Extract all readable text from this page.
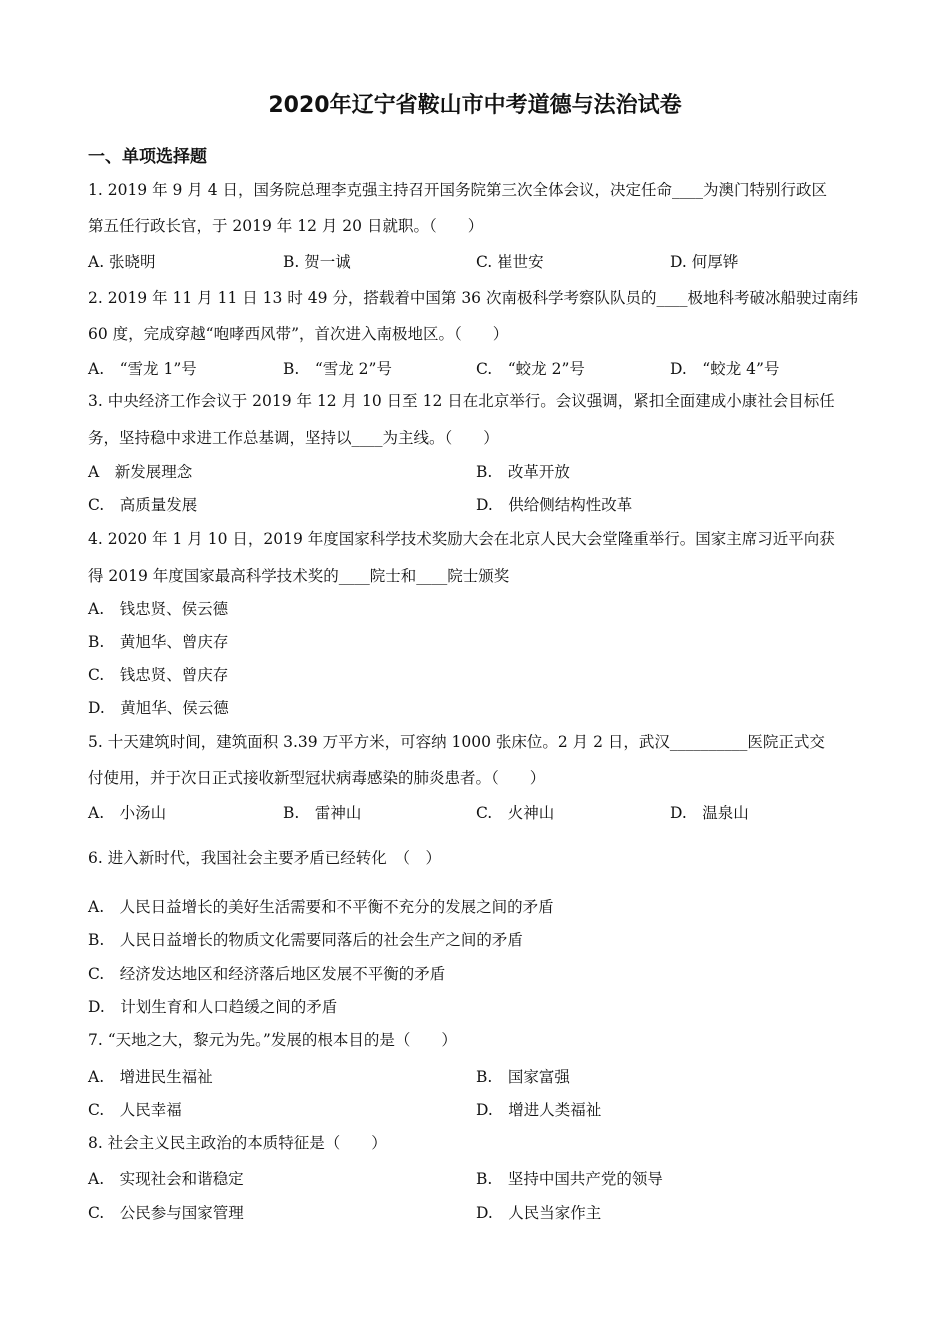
2020年辽宁省鞍山市中考道德与法治试卷
一、单项选择题
1. 2019 年 9 月 4 日，国务院总理李克强主持召开国务院第三次全体会议，决定任命____为澳门特别行政区
第五任行政长官，于 2019 年 12 月 20 日就职。（　　）
A. 张晓明	B. 贺一诚	C. 崔世安	D. 何厚铧
2. 2019 年 11 月 11 日 13 时 49 分，搭载着中国第 36 次南极科学考察队队员的____极地科考破冰船驶过南纬
60 度，完成穿越“咆哮西风带”，首次进入南极地区。（　　）
A.　“雪龙 1”号	B.　“雪龙 2”号	C.　“蛟龙 2”号	D.　“蛟龙 4”号
3. 中央经济工作会议于 2019 年 12 月 10 日至 12 日在北京举行。会议强调，紧扣全面建成小康社会目标任
务，坚持稳中求进工作总基调，坚持以____为主线。（　　）
A　新发展理念	B.　改革开放
C.　高质量发展	D.　供给侧结构性改革
4. 2020 年 1 月 10 日，2019 年度国家科学技术奖励大会在北京人民大会堂隆重举行。国家主席习近平向获
得 2019 年度国家最高科学技术奖的____院士和____院士颁奖
A.　钱忠贤、侯云德
B.　黄旭华、曾庆存
C.　钱忠贤、曾庆存
D.　黄旭华、侯云德
5. 十天建筑时间，建筑面积 3.39 万平方米，可容纳 1000 张床位。2 月 2 日，武汉__________医院正式交
付使用，并于次日正式接收新型冠状病毒感染的肺炎患者。（　　）
A.　小汤山	B.　雷神山	C.　火神山	D.　温泉山
6. 进入新时代，我国社会主要矛盾已经转化　（　）
A.　人民日益增长的美好生活需要和不平衡不充分的发展之间的矛盾
B.　人民日益增长的物质文化需要同落后的社会生产之间的矛盾
C.　经济发达地区和经济落后地区发展不平衡的矛盾
D.　计划生育和人口趋缓之间的矛盾
7. “天地之大，黎元为先。”发展的根本目的是（　　）
A.　增进民生福祉	B.　国家富强
C.　人民幸福	D.　增进人类福祉
8. 社会主义民主政治的本质特征是（　　）
A.　实现社会和谐稳定	B.　坚持中国共产党的领导
C.　公民参与国家管理	D.　人民当家作主
